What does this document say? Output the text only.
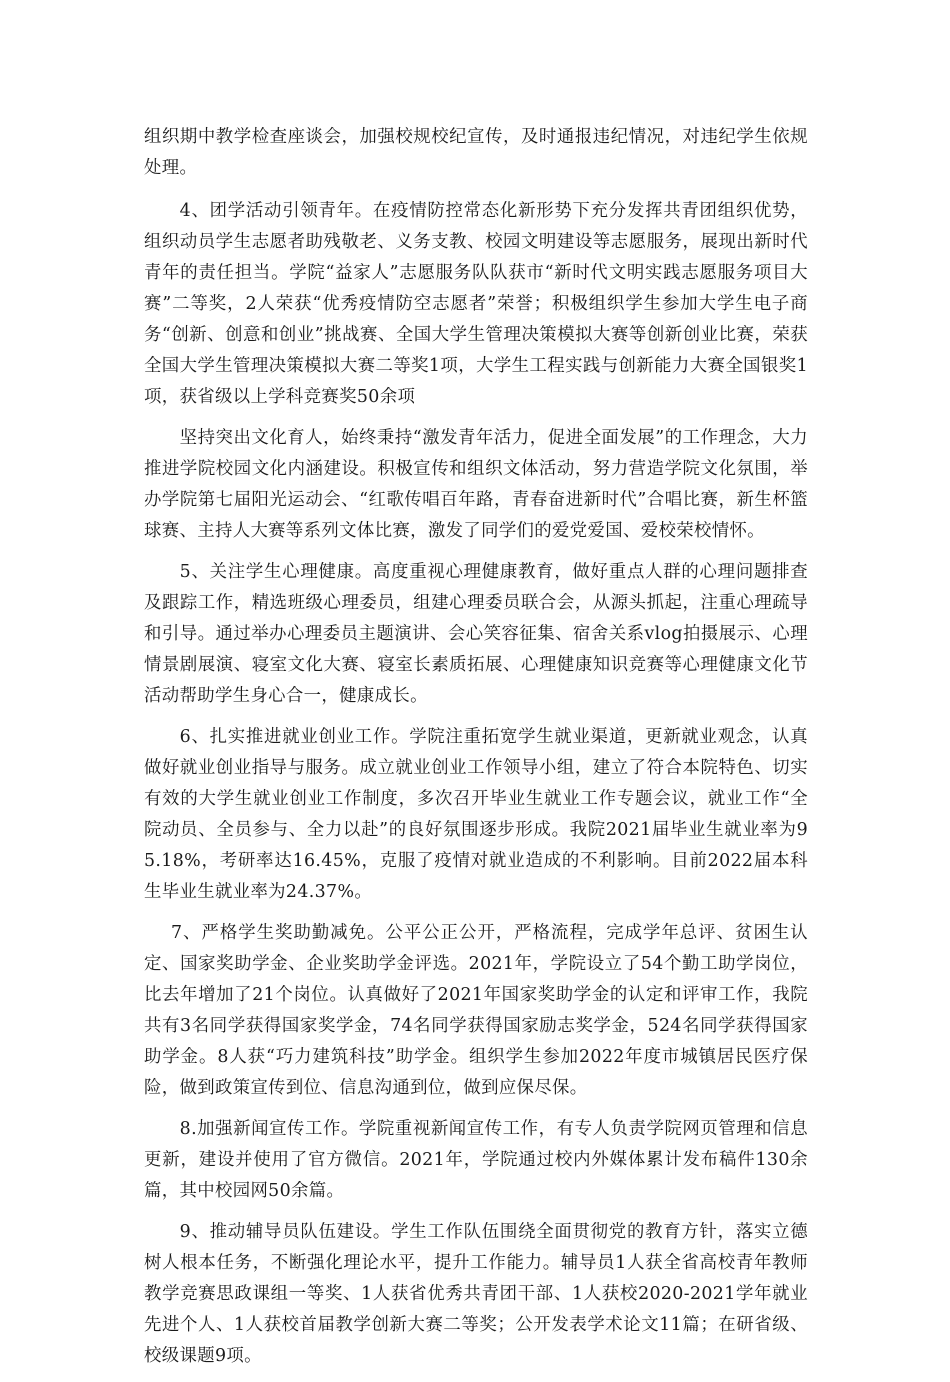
组织期中教学检查座谈会，加强校规校纪宣传，及时通报违纪情况，对违纪学生依规处理。

4、团学活动引领青年。在疫情防控常态化新形势下充分发挥共青团组织优势，组织动员学生志愿者助残敬老、义务支教、校园文明建设等志愿服务，展现出新时代青年的责任担当。学院“益家人”志愿服务队队获市“新时代文明实践志愿服务项目大赛”二等奖，2人荣获“优秀疫情防空志愿者”荣誉；积极组织学生参加大学生电子商务“创新、创意和创业”挑战赛、全国大学生管理决策模拟大赛等创新创业比赛，荣获全国大学生管理决策模拟大赛二等奖1项，大学生工程实践与创新能力大赛全国银奖1项，获省级以上学科竞赛奖50余项

坚持突出文化育人，始终秉持“激发青年活力，促进全面发展”的工作理念，大力推进学院校园文化内涵建设。积极宣传和组织文体活动，努力营造学院文化氛围，举办学院第七届阳光运动会、“红歌传唱百年路，青春奋进新时代”合唱比赛，新生杯篮球赛、主持人大赛等系列文体比赛，激发了同学们的爱党爱国、爱校荣校情怀。

5、关注学生心理健康。高度重视心理健康教育，做好重点人群的心理问题排查及跟踪工作，精选班级心理委员，组建心理委员联合会，从源头抓起，注重心理疏导和引导。通过举办心理委员主题演讲、会心笑容征集、宿舍关系vlog拍摄展示、心理情景剧展演、寝室文化大赛、寝室长素质拓展、心理健康知识竞赛等心理健康文化节活动帮助学生身心合一，健康成长。

6、扎实推进就业创业工作。学院注重拓宽学生就业渠道，更新就业观念，认真做好就业创业指导与服务。成立就业创业工作领导小组，建立了符合本院特色、切实有效的大学生就业创业工作制度，多次召开毕业生就业工作专题会议，就业工作“全院动员、全员参与、全力以赴”的良好氛围逐步形成。我院2021届毕业生就业率为95.18%，考研率达16.45%，克服了疫情对就业造成的不利影响。目前2022届本科生毕业生就业率为24.37%。

7、严格学生奖助勤减免。公平公正公开，严格流程，完成学年总评、贫困生认定、国家奖助学金、企业奖助学金评选。2021年，学院设立了54个勤工助学岗位，比去年增加了21个岗位。认真做好了2021年国家奖助学金的认定和评审工作，我院共有3名同学获得国家奖学金，74名同学获得国家励志奖学金，524名同学获得国家助学金。8人获“巧力建筑科技”助学金。组织学生参加2022年度市城镇居民医疗保险，做到政策宣传到位、信息沟通到位，做到应保尽保。

8.加强新闻宣传工作。学院重视新闻宣传工作，有专人负责学院网页管理和信息更新，建设并使用了官方微信。2021年，学院通过校内外媒体累计发布稿件130余篇，其中校园网50余篇。

9、推动辅导员队伍建设。学生工作队伍围绕全面贯彻党的教育方针，落实立德树人根本任务，不断强化理论水平，提升工作能力。辅导员1人获全省高校青年教师教学竞赛思政课组一等奖、1人获省优秀共青团干部、1人获校2020-2021学年就业先进个人、1人获校首届教学创新大赛二等奖；公开发表学术论文11篇；在研省级、校级课题9项。
